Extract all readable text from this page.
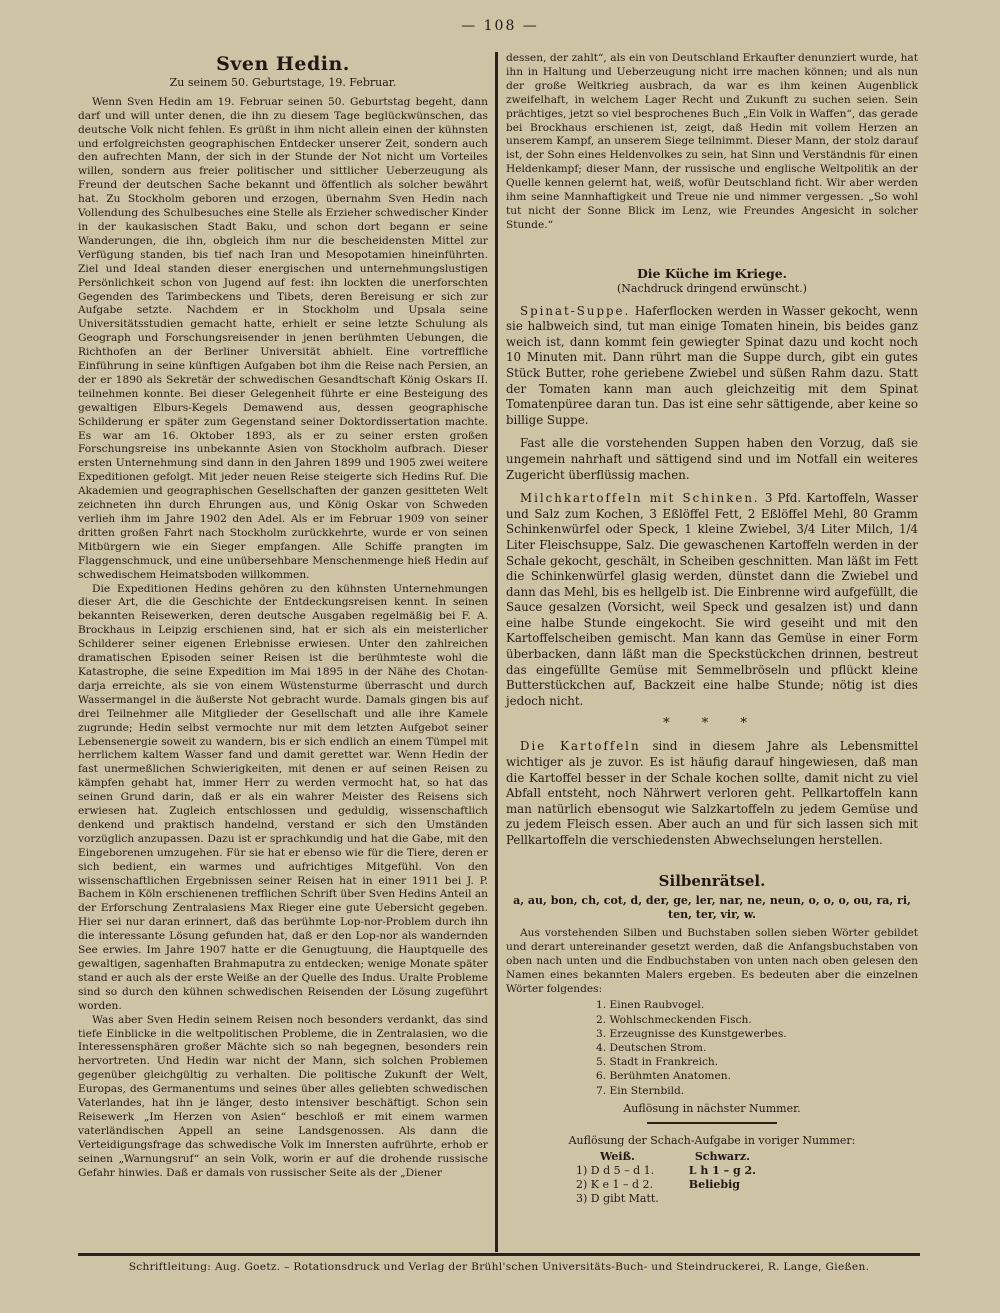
— 108 —
Sven Hedin.
Zu seinem 50. Geburtstage, 19. Februar.

Wenn Sven Hedin am 19. Februar seinen 50. Geburtstag begeht, dann darf und will unter denen, die ihn zu diesem Tage beglückwünschen, das deutsche Volk nicht fehlen. Es grüßt in ihm nicht allein einen der kühnsten und erfolgreichsten geographischen Entdecker unserer Zeit, sondern auch den aufrechten Mann, der sich in der Stunde der Not nicht um Vorteiles willen, sondern aus freier politischer und sittlicher Ueberzeugung als Freund der deutschen Sache bekannt und öffentlich als solcher bewährt hat. Zu Stockholm geboren und erzogen, übernahm Sven Hedin nach Vollendung des Schulbesuches eine Stelle als Erzieher schwedischer Kinder in der kaukasischen Stadt Baku, und schon dort begann er seine Wanderungen, die ihn, obgleich ihm nur die bescheidensten Mittel zur Verfügung standen, bis tief nach Iran und Mesopotamien hineinführten. Ziel und Ideal standen dieser energischen und unternehmungslustigen Persönlichkeit schon von Jugend auf fest: ihn lockten die unerforschten Gegenden des Tarimbeckens und Tibets, deren Bereisung er sich zur Aufgabe setzte. Nachdem er in Stockholm und Upsala seine Universitätsstudien gemacht hatte, erhielt er seine letzte Schulung als Geograph und Forschungsreisender in jenen berühmten Uebungen, die Richthofen an der Berliner Universität abhielt. Eine vortreffliche Einführung in seine künftigen Aufgaben bot ihm die Reise nach Persien, an der er 1890 als Sekretär der schwedischen Gesandtschaft König Oskars II. teilnehmen konnte. Bei dieser Gelegenheit führte er eine Besteigung des gewaltigen Elburs-Kegels Demawend aus, dessen geographische Schilderung er später zum Gegenstand seiner Doktordissertation machte. Es war am 16. Oktober 1893, als er zu seiner ersten großen Forschungsreise ins unbekannte Asien von Stockholm aufbrach. Dieser ersten Unternehmung sind dann in den Jahren 1899 und 1905 zwei weitere Expeditionen gefolgt. Mit jeder neuen Reise steigerte sich Hedins Ruf. Die Akademien und geographischen Gesellschaften der ganzen gesitteten Welt zeichneten ihn durch Ehrungen aus, und König Oskar von Schweden verlieh ihm im Jahre 1902 den Adel. Als er im Februar 1909 von seiner dritten großen Fahrt nach Stockholm zurückkehrte, wurde er von seinen Mitbürgern wie ein Sieger empfangen. Alle Schiffe prangten im Flaggenschmuck, und eine unübersehbare Menschenmenge hieß Hedin auf schwedischem Heimatsboden willkommen.

Die Expeditionen Hedins gehören zu den kühnsten Unternehmungen dieser Art, die die Geschichte der Entdeckungsreisen kennt. In seinen bekannten Reisewerken, deren deutsche Ausgaben regelmäßig bei F. A. Brockhaus in Leipzig erschienen sind, hat er sich als ein meisterlicher Schilderer seiner eigenen Erlebnisse erwiesen. Unter den zahlreichen dramatischen Episoden seiner Reisen ist die berühmteste wohl die Katastrophe, die seine Expedition im Mai 1895 in der Nähe des Chotan-darja erreichte, als sie von einem Wüstensturme überrascht und durch Wassermangel in die äußerste Not gebracht wurde. Damals gingen bis auf drei Teilnehmer alle Mitglieder der Gesellschaft und alle ihre Kamele zugrunde; Hedin selbst vermochte nur mit dem letzten Aufgebot seiner Lebensenergie soweit zu wandern, bis er sich endlich an einem Tümpel mit herrlichem kaltem Wasser fand und damit gerettet war. Wenn Hedin der fast unermeßlichen Schwierigkeiten, mit denen er auf seinen Reisen zu kämpfen gehabt hat, immer Herr zu werden vermocht hat, so hat das seinen Grund darin, daß er als ein wahrer Meister des Reisens sich erwiesen hat. Zugleich entschlossen und geduldig, wissenschaftlich denkend und praktisch handelnd, verstand er sich den Umständen vorzüglich anzupassen. Dazu ist er sprachkundig und hat die Gabe, mit den Eingeborenen umzugehen. Für sie hat er ebenso wie für die Tiere, deren er sich bedient, ein warmes und aufrichtiges Mitgefühl. Von den wissenschaftlichen Ergebnissen seiner Reisen hat in einer 1911 bei J. P. Bachem in Köln erschienenen trefflichen Schrift über Sven Hedins Anteil an der Erforschung Zentralasiens Max Rieger eine gute Uebersicht gegeben. Hier sei nur daran erinnert, daß das berühmte Lop-nor-Problem durch ihn die interessante Lösung gefunden hat, daß er den Lop-nor als wandernden See erwies. Im Jahre 1907 hatte er die Genugtuung, die Hauptquelle des gewaltigen, sagenhaften Brahmaputra zu entdecken; wenige Monate später stand er auch als der erste Weiße an der Quelle des Indus. Uralte Probleme sind so durch den kühnen schwedischen Reisenden der Lösung zugeführt worden.

Was aber Sven Hedin seinem Reisen noch besonders verdankt, das sind tiefe Einblicke in die weltpolitischen Probleme, die in Zentralasien, wo die Interessensphären großer Mächte sich so nah begegnen, besonders rein hervortreten. Und Hedin war nicht der Mann, sich solchen Problemen gegenüber gleichgültig zu verhalten. Die politische Zukunft der Welt, Europas, des Germanentums und seines über alles geliebten schwedischen Vaterlandes, hat ihn je länger, desto intensiver beschäftigt. Schon sein Reisewerk „Im Herzen von Asien“ beschloß er mit einem warmen vaterländischen Appell an seine Landsgenossen. Als dann die Verteidigungsfrage das schwedische Volk im Innersten aufrührte, erhob er seinen „Warnungsruf“ an sein Volk, worin er auf die drohende russische Gefahr hinwies. Daß er damals von russischer Seite als der „Diener

dessen, der zahlt“, als ein von Deutschland Erkaufter denunziert wurde, hat ihn in Haltung und Ueberzeugung nicht irre machen können; und als nun der große Weltkrieg ausbrach, da war es ihm keinen Augenblick zweifelhaft, in welchem Lager Recht und Zukunft zu suchen seien. Sein prächtiges, jetzt so viel besprochenes Buch „Ein Volk in Waffen“, das gerade bei Brockhaus erschienen ist, zeigt, daß Hedin mit vollem Herzen an unserem Kampf, an unserem Siege teilnimmt. Dieser Mann, der stolz darauf ist, der Sohn eines Heldenvolkes zu sein, hat Sinn und Verständnis für einen Heldenkampf; dieser Mann, der russische und englische Weltpolitik an der Quelle kennen gelernt hat, weiß, wofür Deutschland ficht. Wir aber werden ihm seine Mannhaftigkeit und Treue nie und nimmer vergessen. „So wohl tut nicht der Sonne Blick im Lenz, wie Freundes Angesicht in solcher Stunde.“

Die Küche im Kriege.
(Nachdruck dringend erwünscht.)

Spinat-Suppe. Haferflocken werden in Wasser gekocht, wenn sie halbweich sind, tut man einige Tomaten hinein, bis beides ganz weich ist, dann kommt fein gewiegter Spinat dazu und kocht noch 10 Minuten mit. Dann rührt man die Suppe durch, gibt ein gutes Stück Butter, rohe geriebene Zwiebel und süßen Rahm dazu. Statt der Tomaten kann man auch gleichzeitig mit dem Spinat Tomatenpüree daran tun. Das ist eine sehr sättigende, aber keine so billige Suppe.

Fast alle die vorstehenden Suppen haben den Vorzug, daß sie ungemein nahrhaft und sättigend sind und im Notfall ein weiteres Zugericht überflüssig machen.

Milchkartoffeln mit Schinken. 3 Pfd. Kartoffeln, Wasser und Salz zum Kochen, 3 Eßlöffel Fett, 2 Eßlöffel Mehl, 80 Gramm Schinkenwürfel oder Speck, 1 kleine Zwiebel, 3/4 Liter Milch, 1/4 Liter Fleischsuppe, Salz. Die gewaschenen Kartoffeln werden in der Schale gekocht, geschält, in Scheiben geschnitten. Man läßt im Fett die Schinkenwürfel glasig werden, dünstet dann die Zwiebel und dann das Mehl, bis es hellgelb ist. Die Einbrenne wird aufgefüllt, die Sauce gesalzen (Vorsicht, weil Speck und gesalzen ist) und dann eine halbe Stunde eingekocht. Sie wird geseiht und mit den Kartoffelscheiben gemischt. Man kann das Gemüse in einer Form überbacken, dann läßt man die Speckstückchen drinnen, bestreut das eingefüllte Gemüse mit Semmelbröseln und pflückt kleine Butterstückchen auf, Backzeit eine halbe Stunde; nötig ist dies jedoch nicht.

* * *

Die Kartoffeln sind in diesem Jahre als Lebensmittel wichtiger als je zuvor. Es ist häufig darauf hingewiesen, daß man die Kartoffel besser in der Schale kochen sollte, damit nicht zu viel Abfall entsteht, noch Nährwert verloren geht. Pellkartoffeln kann man natürlich ebensogut wie Salzkartoffeln zu jedem Gemüse und zu jedem Fleisch essen. Aber auch an und für sich lassen sich mit Pellkartoffeln die verschiedensten Abwechselungen herstellen.

Silbenrätsel.
a, au, bon, ch, cot, d, der, ge, ler, nar, ne, neun, o, o, o, ou, ra, ri, ten, ter, vir, w.

Aus vorstehenden Silben und Buchstaben sollen sieben Wörter gebildet und derart untereinander gesetzt werden, daß die Anfangsbuchstaben von oben nach unten und die Endbuchstaben von unten nach oben gelesen den Namen eines bekannten Malers ergeben. Es bedeuten aber die einzelnen Wörter folgendes:

1. Einen Raubvogel.
2. Wohlschmeckenden Fisch.
3. Erzeugnisse des Kunstgewerbes.
4. Deutschen Strom.
5. Stadt in Frankreich.
6. Berühmten Anatomen.
7. Ein Sternbild.
Auflösung in nächster Nummer.
Auflösung der Schach-Aufgabe in voriger Nummer:
Weiß.	Schwarz.
1) D d 5 – d 1.	L h 1 – g 2.
2) K e 1 – d 2.	Beliebig
3) D gibt Matt.	
Schriftleitung: Aug. Goetz. – Rotationsdruck und Verlag der Brühl'schen Universitäts-Buch- und Steindruckerei, R. Lange, Gießen.
